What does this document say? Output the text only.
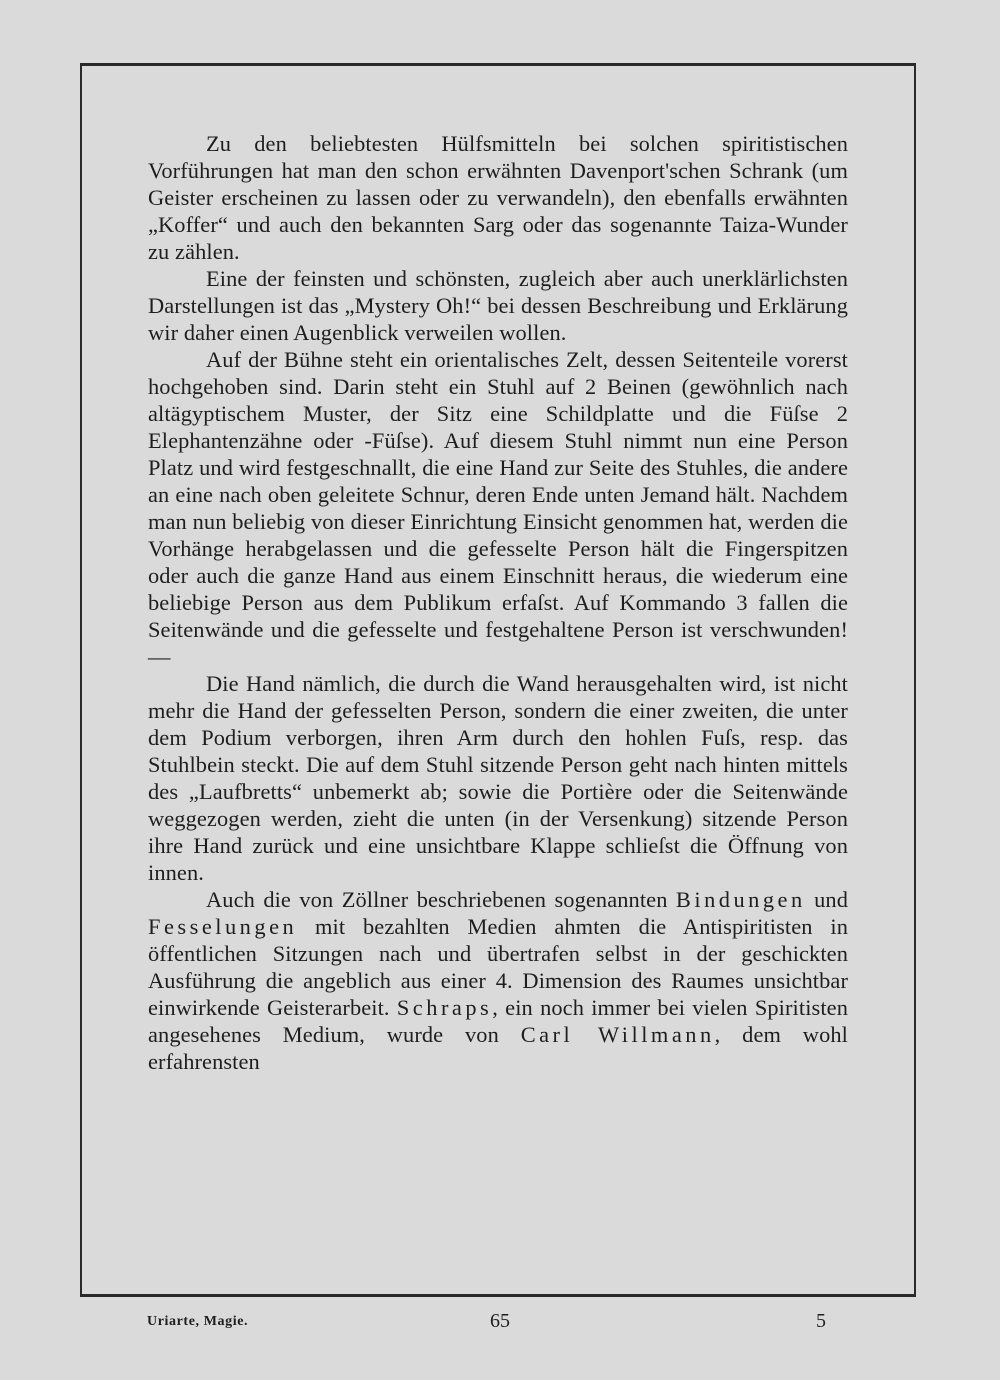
Zu den beliebtesten Hülfsmitteln bei solchen spiritistischen Vorführungen hat man den schon erwähnten Davenport'schen Schrank (um Geister erscheinen zu lassen oder zu verwandeln), den ebenfalls erwähnten „Koffer“ und auch den bekannten Sarg oder das sogenannte Taiza-Wunder zu zählen.

Eine der feinsten und schönsten, zugleich aber auch unerklärlichsten Darstellungen ist das „Mystery Oh!“ bei dessen Beschreibung und Erklärung wir daher einen Augenblick verweilen wollen.

Auf der Bühne steht ein orientalisches Zelt, dessen Seitenteile vorerst hochgehoben sind. Darin steht ein Stuhl auf 2 Beinen (gewöhnlich nach altägyptischem Muster, der Sitz eine Schildplatte und die Füſse 2 Elephantenzähne oder -Füſse). Auf diesem Stuhl nimmt nun eine Person Platz und wird festgeschnallt, die eine Hand zur Seite des Stuhles, die andere an eine nach oben geleitete Schnur, deren Ende unten Jemand hält. Nachdem man nun beliebig von dieser Einrichtung Einsicht genommen hat, werden die Vorhänge herabgelassen und die gefesselte Person hält die Fingerspitzen oder auch die ganze Hand aus einem Einschnitt heraus, die wiederum eine beliebige Person aus dem Publikum erfaſst. Auf Kommando 3 fallen die Seitenwände und die gefesselte und festgehaltene Person ist verschwunden! —

Die Hand nämlich, die durch die Wand herausgehalten wird, ist nicht mehr die Hand der gefesselten Person, sondern die einer zweiten, die unter dem Podium verborgen, ihren Arm durch den hohlen Fuſs, resp. das Stuhlbein steckt. Die auf dem Stuhl sitzende Person geht nach hinten mittels des „Laufbretts“ unbemerkt ab; sowie die Portière oder die Seitenwände weggezogen werden, zieht die unten (in der Versenkung) sitzende Person ihre Hand zurück und eine unsichtbare Klappe schlieſst die Öffnung von innen.

Auch die von Zöllner beschriebenen sogenannten Bindungen und Fesselungen mit bezahlten Medien ahmten die Antispiritisten in öffentlichen Sitzungen nach und übertrafen selbst in der geschickten Ausführung die angeblich aus einer 4. Dimension des Raumes unsichtbar einwirkende Geisterarbeit. Schraps, ein noch immer bei vielen Spiritisten angesehenes Medium, wurde von Carl Willmann, dem wohl erfahrensten

Uriarte, Magie.	65	5
